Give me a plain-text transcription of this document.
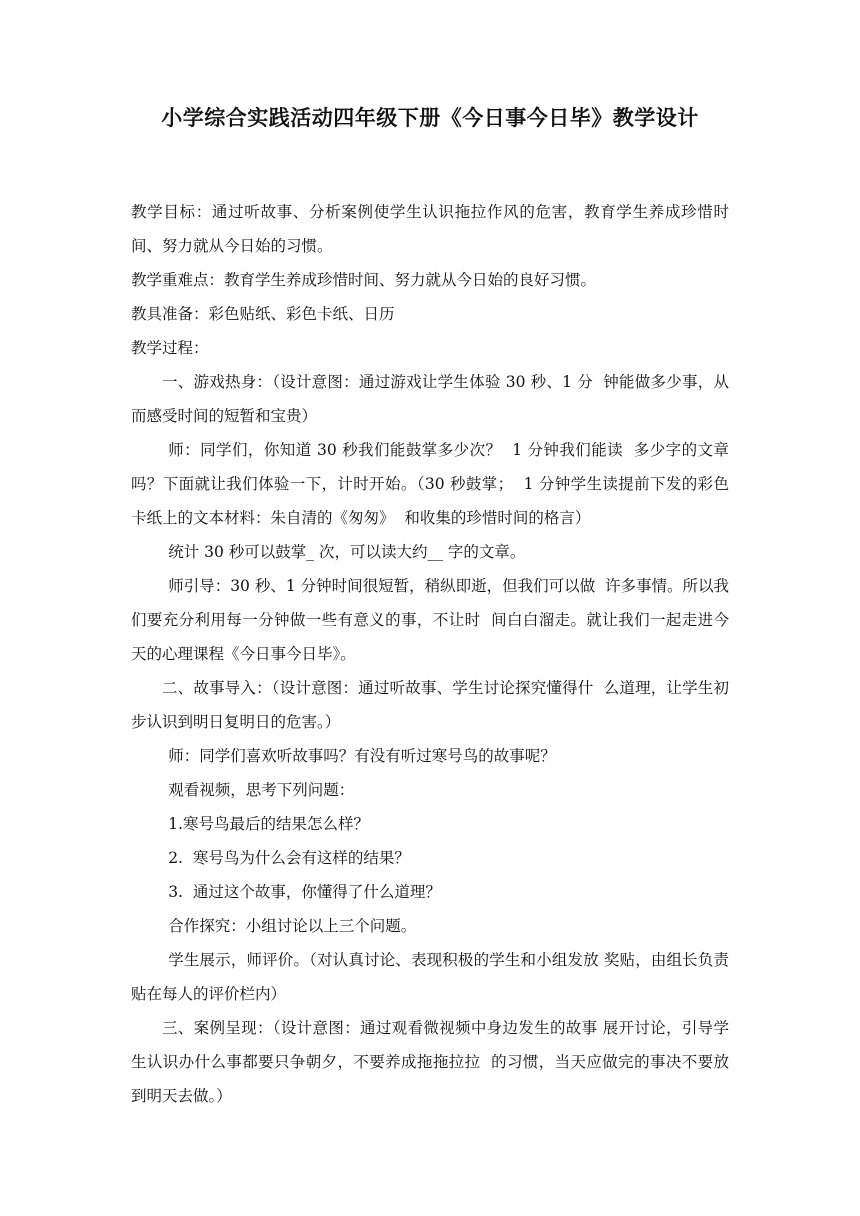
小学综合实践活动四年级下册《今日事今日毕》教学设计

教学目标：通过听故事、分析案例使学生认识拖拉作风的危害，教育学生养成珍惜时间、努力就从今日始的习惯。

教学重难点：教育学生养成珍惜时间、努力就从今日始的良好习惯。

教具准备：彩色贴纸、彩色卡纸、日历

教学过程：

一、游戏热身：（设计意图：通过游戏让学生体验 30 秒、1 分  钟能做多少事，从而感受时间的短暂和宝贵）

师：同学们，你知道 30 秒我们能鼓掌多少次？  1 分钟我们能读  多少字的文章吗？下面就让我们体验一下，计时开始。（30 秒鼓掌；  1 分钟学生读提前下发的彩色卡纸上的文本材料：朱自清的《匆匆》  和收集的珍惜时间的格言）

统计 30 秒可以鼓掌_ 次，可以读大约__ 字的文章。

师引导：30 秒、1 分钟时间很短暂，稍纵即逝，但我们可以做  许多事情。所以我们要充分利用每一分钟做一些有意义的事，不让时  间白白溜走。就让我们一起走进今天的心理课程《今日事今日毕》。

二、故事导入：（设计意图：通过听故事、学生讨论探究懂得什  么道理，让学生初步认识到明日复明日的危害。）

师：同学们喜欢听故事吗？有没有听过寒号鸟的故事呢？

观看视频，思考下列问题：

1.寒号鸟最后的结果怎么样？

2.  寒号鸟为什么会有这样的结果？

3.  通过这个故事，你懂得了什么道理？

合作探究：小组讨论以上三个问题。

学生展示，师评价。（对认真讨论、表现积极的学生和小组发放 奖贴，由组长负责贴在每人的评价栏内）

三、案例呈现：（设计意图：通过观看微视频中身边发生的故事 展开讨论，引导学生认识办什么事都要只争朝夕，不要养成拖拖拉拉  的习惯，当天应做完的事决不要放到明天去做。）
